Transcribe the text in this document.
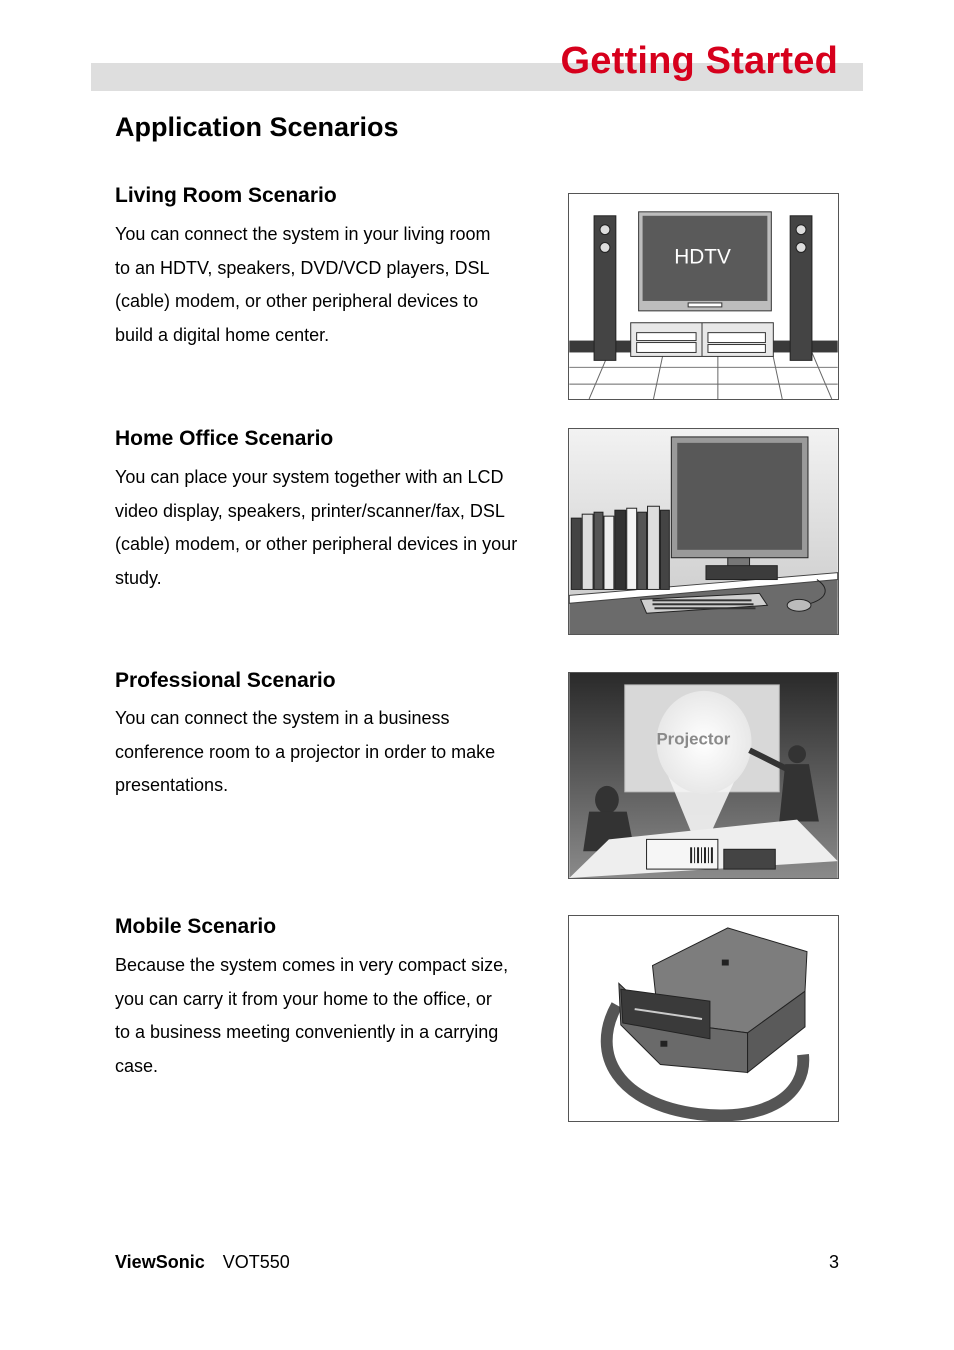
Getting Started
Application Scenarios
Living Room Scenario

You can connect the system in your living room
to an HDTV, speakers, DVD/VCD players, DSL
(cable) modem, or other peripheral devices to
build a digital home center.

HDTV
Home Office Scenario

You can place your system together with an LCD
video display, speakers, printer/scanner/fax, DSL
(cable) modem, or other peripheral devices in your
study.

Professional Scenario

You can connect the system in a business
conference room to a projector in order to make
presentations.

Projector
Mobile Scenario

Because the system comes in very compact size,
you can carry it from your home to the office, or
to a business meeting conveniently in a carrying
case.

ViewSonic VOT550	3
